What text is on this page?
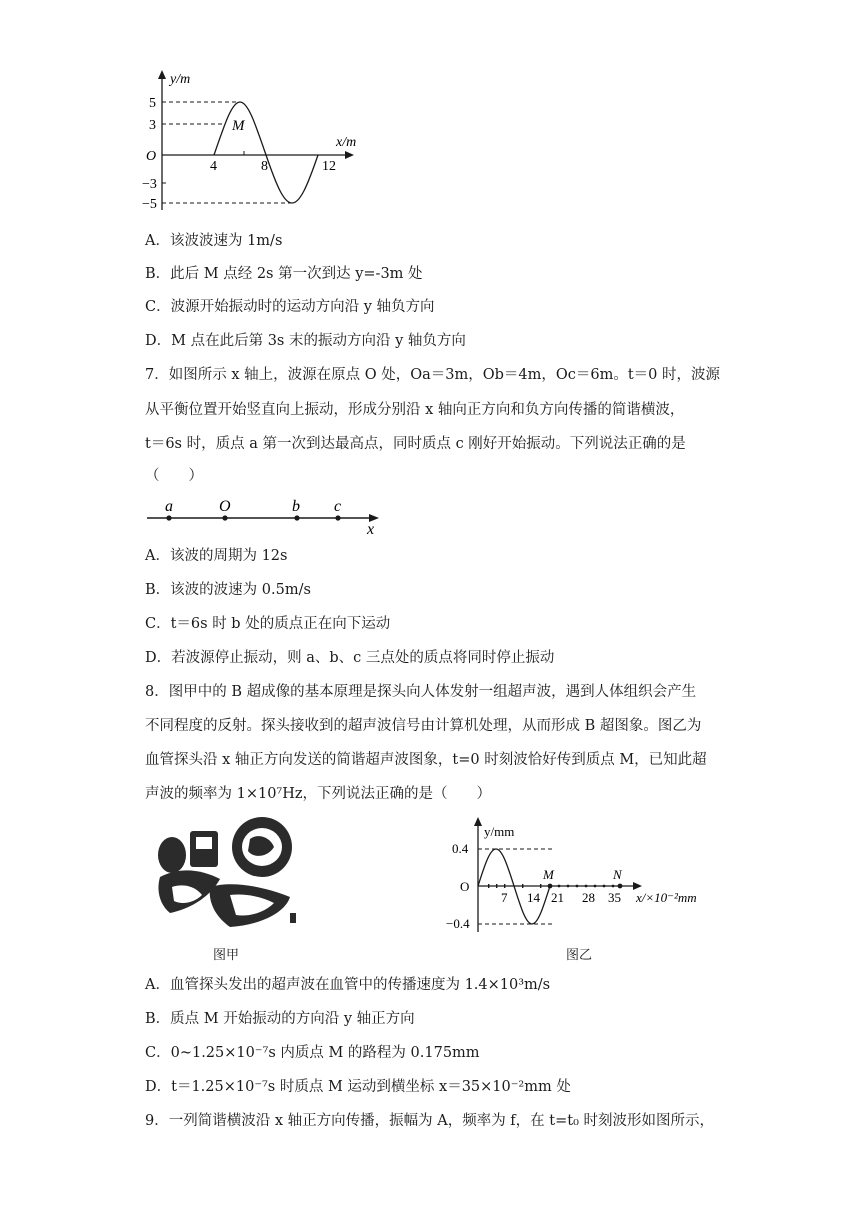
y/m
x/m
O
5
3
−3
−5
4	8	12
M
A．该波波速为 1m/s
B．此后 M 点经 2s 第一次到达 y=-3m 处
C．波源开始振动时的运动方向沿 y 轴负方向
D．M 点在此后第 3s 末的振动方向沿 y 轴负方向
7．如图所示 x 轴上，波源在原点 O 处，Oa＝3m，Ob＝4m，Oc＝6m。t＝0 时，波源
从平衡位置开始竖直向上振动，形成分别沿 x 轴向正方向和负方向传播的简谐横波，
t＝6s 时，质点 a 第一次到达最高点，同时质点 c 刚好开始振动。下列说法正确的是
（　　）
a	O	b c
x
A．该波的周期为 12s
B．该波的波速为 0.5m/s
C．t＝6s 时 b 处的质点正在向下运动
D．若波源停止振动，则 a、b、c 三点处的质点将同时停止振动
8．图甲中的 B 超成像的基本原理是探头向人体发射一组超声波，遇到人体组织会产生
不同程度的反射。探头接收到的超声波信号由计算机处理，从而形成 B 超图象。图乙为
血管探头沿 x 轴正方向发送的简谐超声波图象，t=0 时刻波恰好传到质点 M，已知此超
声波的频率为 1×10⁷Hz，下列说法正确的是（　　）
图甲
y/mm
0.4
O
−0.4
7 14 21 28 35 x/×10⁻²mm
M	N
图乙
A．血管探头发出的超声波在血管中的传播速度为 1.4×10³m/s
B．质点 M 开始振动的方向沿 y 轴正方向
C．0~1.25×10⁻⁷s 内质点 M 的路程为 0.175mm
D．t＝1.25×10⁻⁷s 时质点 M 运动到横坐标 x＝35×10⁻²mm 处
9．一列简谐横波沿 x 轴正方向传播，振幅为 A，频率为 f，在 t=t₀ 时刻波形如图所示，
